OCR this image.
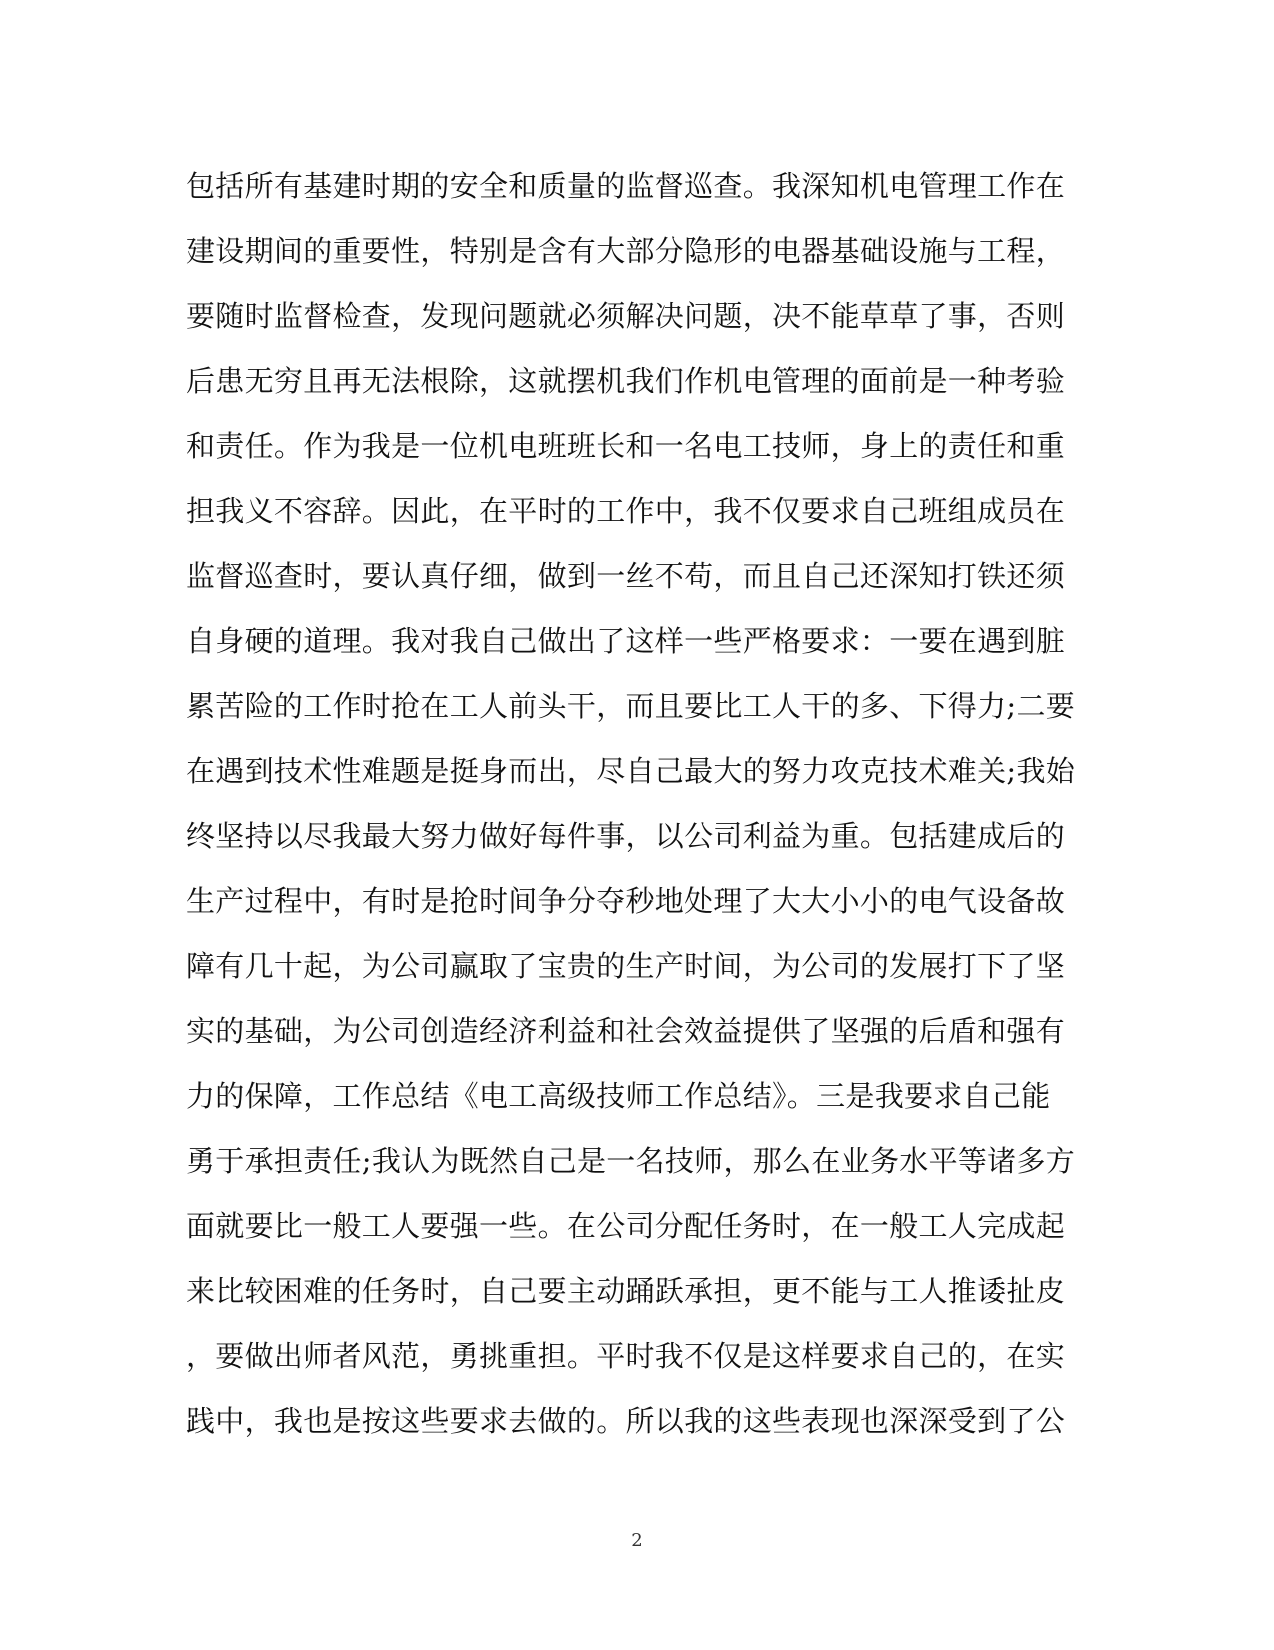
包括所有基建时期的安全和质量的监督巡查。我深知机电管理工作在
建设期间的重要性，特别是含有大部分隐形的电器基础设施与工程，
要随时监督检查，发现问题就必须解决问题，决不能草草了事，否则
后患无穷且再无法根除，这就摆机我们作机电管理的面前是一种考验
和责任。作为我是一位机电班班长和一名电工技师，身上的责任和重
担我义不容辞。因此，在平时的工作中，我不仅要求自己班组成员在
监督巡查时，要认真仔细，做到一丝不苟，而且自己还深知打铁还须
自身硬的道理。我对我自己做出了这样一些严格要求：一要在遇到脏
累苦险的工作时抢在工人前头干，而且要比工人干的多、下得力;二要
在遇到技术性难题是挺身而出，尽自己最大的努力攻克技术难关;我始
终坚持以尽我最大努力做好每件事，以公司利益为重。包括建成后的
生产过程中，有时是抢时间争分夺秒地处理了大大小小的电气设备故
障有几十起，为公司赢取了宝贵的生产时间，为公司的发展打下了坚
实的基础，为公司创造经济利益和社会效益提供了坚强的后盾和强有
力的保障，工作总结《电工高级技师工作总结》。三是我要求自己能
勇于承担责任;我认为既然自己是一名技师，那么在业务水平等诸多方
面就要比一般工人要强一些。在公司分配任务时，在一般工人完成起
来比较困难的任务时，自己要主动踊跃承担，更不能与工人推诿扯皮
，要做出师者风范，勇挑重担。平时我不仅是这样要求自己的，在实
践中，我也是按这些要求去做的。所以我的这些表现也深深受到了公
2
